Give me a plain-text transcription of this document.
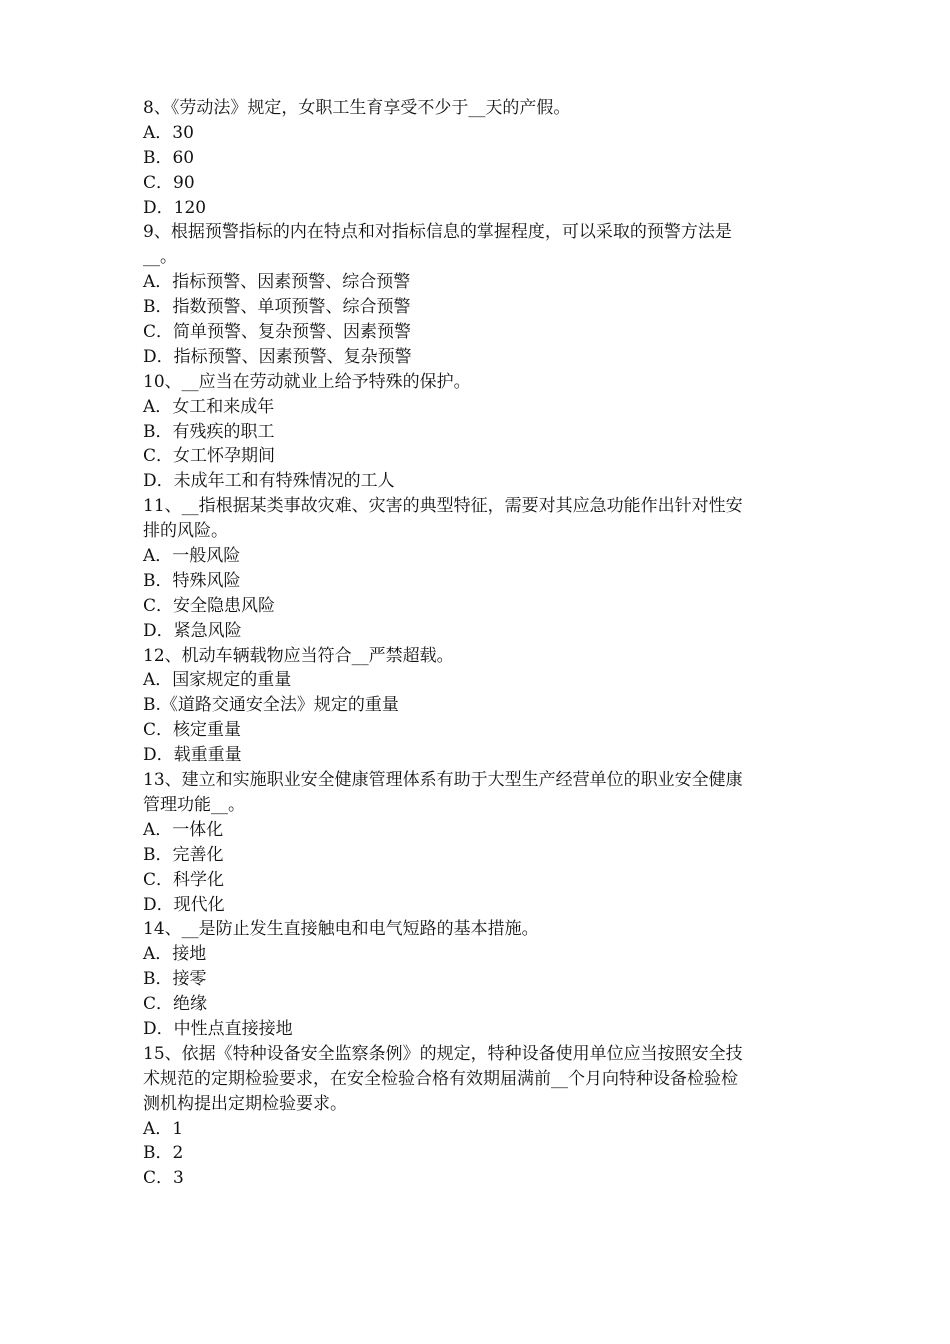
8、《劳动法》规定，女职工生育享受不少于__天的产假。
A．30
B．60
C．90
D．120
9、根据预警指标的内在特点和对指标信息的掌握程度，可以采取的预警方法是
__。
A．指标预警、因素预警、综合预警
B．指数预警、单项预警、综合预警
C．简单预警、复杂预警、因素预警
D．指标预警、因素预警、复杂预警
10、__应当在劳动就业上给予特殊的保护。
A．女工和来成年
B．有残疾的职工
C．女工怀孕期间
D．未成年工和有特殊情况的工人
11、__指根据某类事故灾难、灾害的典型特征，需要对其应急功能作出针对性安
排的风险。
A．一般风险
B．特殊风险
C．安全隐患风险
D．紧急风险
12、机动车辆载物应当符合__严禁超载。
A．国家规定的重量
B.《道路交通安全法》规定的重量
C．核定重量
D．载重重量
13、建立和实施职业安全健康管理体系有助于大型生产经营单位的职业安全健康
管理功能__。
A．一体化
B．完善化
C．科学化
D．现代化
14、__是防止发生直接触电和电气短路的基本措施。
A．接地
B．接零
C．绝缘
D．中性点直接接地
15、依据《特种设备安全监察条例》的规定，特种设备使用单位应当按照安全技
术规范的定期检验要求，在安全检验合格有效期届满前__个月向特种设备检验检
测机构提出定期检验要求。
A．1
B．2
C．3
